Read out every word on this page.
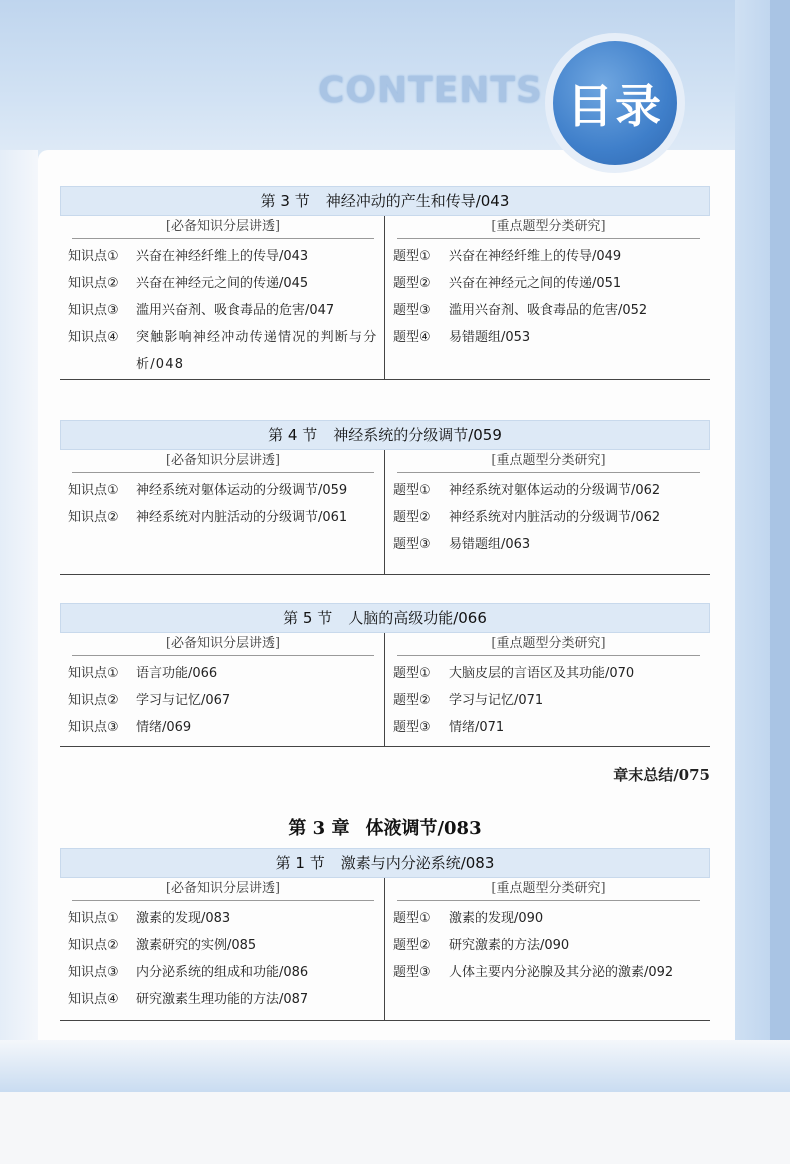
CONTENTS 目录
第 3 节 神经冲动的产生和传导/043
[必备知识分层讲透]
知识点①	兴奋在神经纤维上的传导/043
知识点②	兴奋在神经元之间的传递/045
知识点③	滥用兴奋剂、吸食毒品的危害/047
知识点④	突触影响神经冲动传递情况的判断与分析/048
[重点题型分类研究]
题型①	兴奋在神经纤维上的传导/049
题型②	兴奋在神经元之间的传递/051
题型③	滥用兴奋剂、吸食毒品的危害/052
题型④	易错题组/053
第 4 节 神经系统的分级调节/059
[必备知识分层讲透]
知识点①	神经系统对躯体运动的分级调节/059
知识点②	神经系统对内脏活动的分级调节/061
[重点题型分类研究]
题型①	神经系统对躯体运动的分级调节/062
题型②	神经系统对内脏活动的分级调节/062
题型③	易错题组/063
第 5 节 人脑的高级功能/066
[必备知识分层讲透]
知识点①	语言功能/066
知识点②	学习与记忆/067
知识点③	情绪/069
[重点题型分类研究]
题型①	大脑皮层的言语区及其功能/070
题型②	学习与记忆/071
题型③	情绪/071
章末总结/075
第 3 章 体液调节/083
第 1 节 激素与内分泌系统/083
[必备知识分层讲透]
知识点①	激素的发现/083
知识点②	激素研究的实例/085
知识点③	内分泌系统的组成和功能/086
知识点④	研究激素生理功能的方法/087
[重点题型分类研究]
题型①	激素的发现/090
题型②	研究激素的方法/090
题型③	人体主要内分泌腺及其分泌的激素/092
